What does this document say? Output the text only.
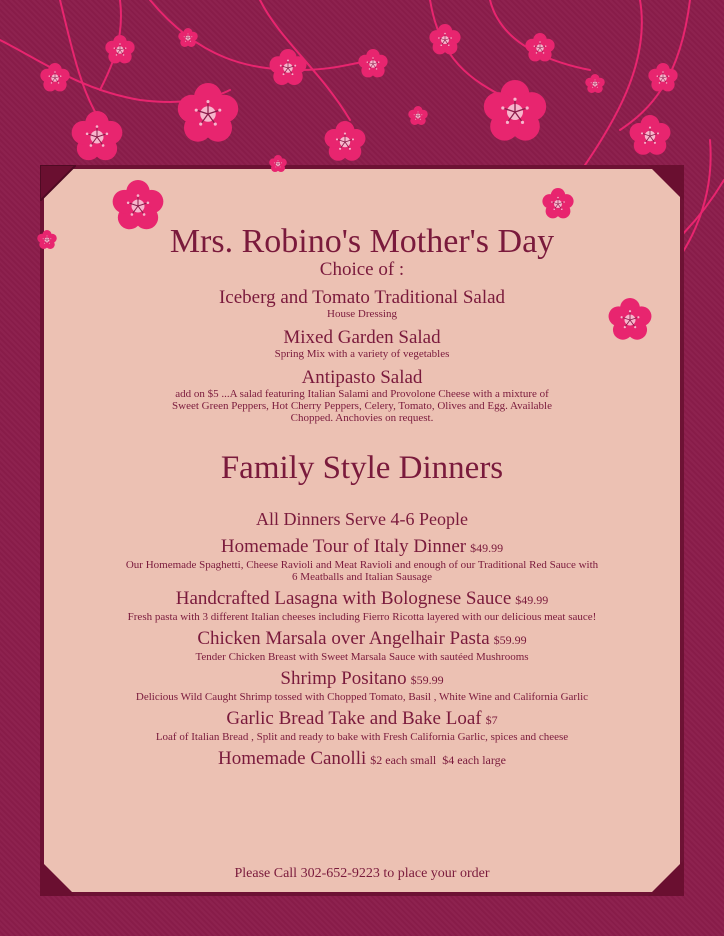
Mrs. Robino's Mother's Day
Choice of :
Iceberg and Tomato Traditional Salad
House Dressing
Mixed Garden Salad
Spring Mix with a variety of vegetables
Antipasto Salad
add on $5 ...A salad featuring Italian Salami and Provolone Cheese with a mixture of
Sweet Green Peppers, Hot Cherry Peppers, Celery, Tomato, Olives and Egg. Available
Chopped. Anchovies on request.
Family Style Dinners
All Dinners Serve 4-6 People
Homemade Tour of Italy Dinner $49.99
Our Homemade Spaghetti, Cheese Ravioli and Meat Ravioli and enough of our Traditional Red Sauce with
6 Meatballs and Italian Sausage
Handcrafted Lasagna with Bolognese Sauce $49.99
Fresh pasta with 3 different Italian cheeses including Fierro Ricotta layered with our delicious meat sauce!
Chicken Marsala over Angelhair Pasta $59.99
Tender Chicken Breast with Sweet Marsala Sauce with sautéed Mushrooms
Shrimp Positano $59.99
Delicious Wild Caught Shrimp tossed with Chopped Tomato, Basil , White Wine and California Garlic
Garlic Bread Take and Bake Loaf $7
Loaf of Italian Bread , Split and ready to bake with Fresh California Garlic, spices and cheese
Homemade Canolli $2 each small  $4 each large
Please Call 302-652-9223 to place your order
